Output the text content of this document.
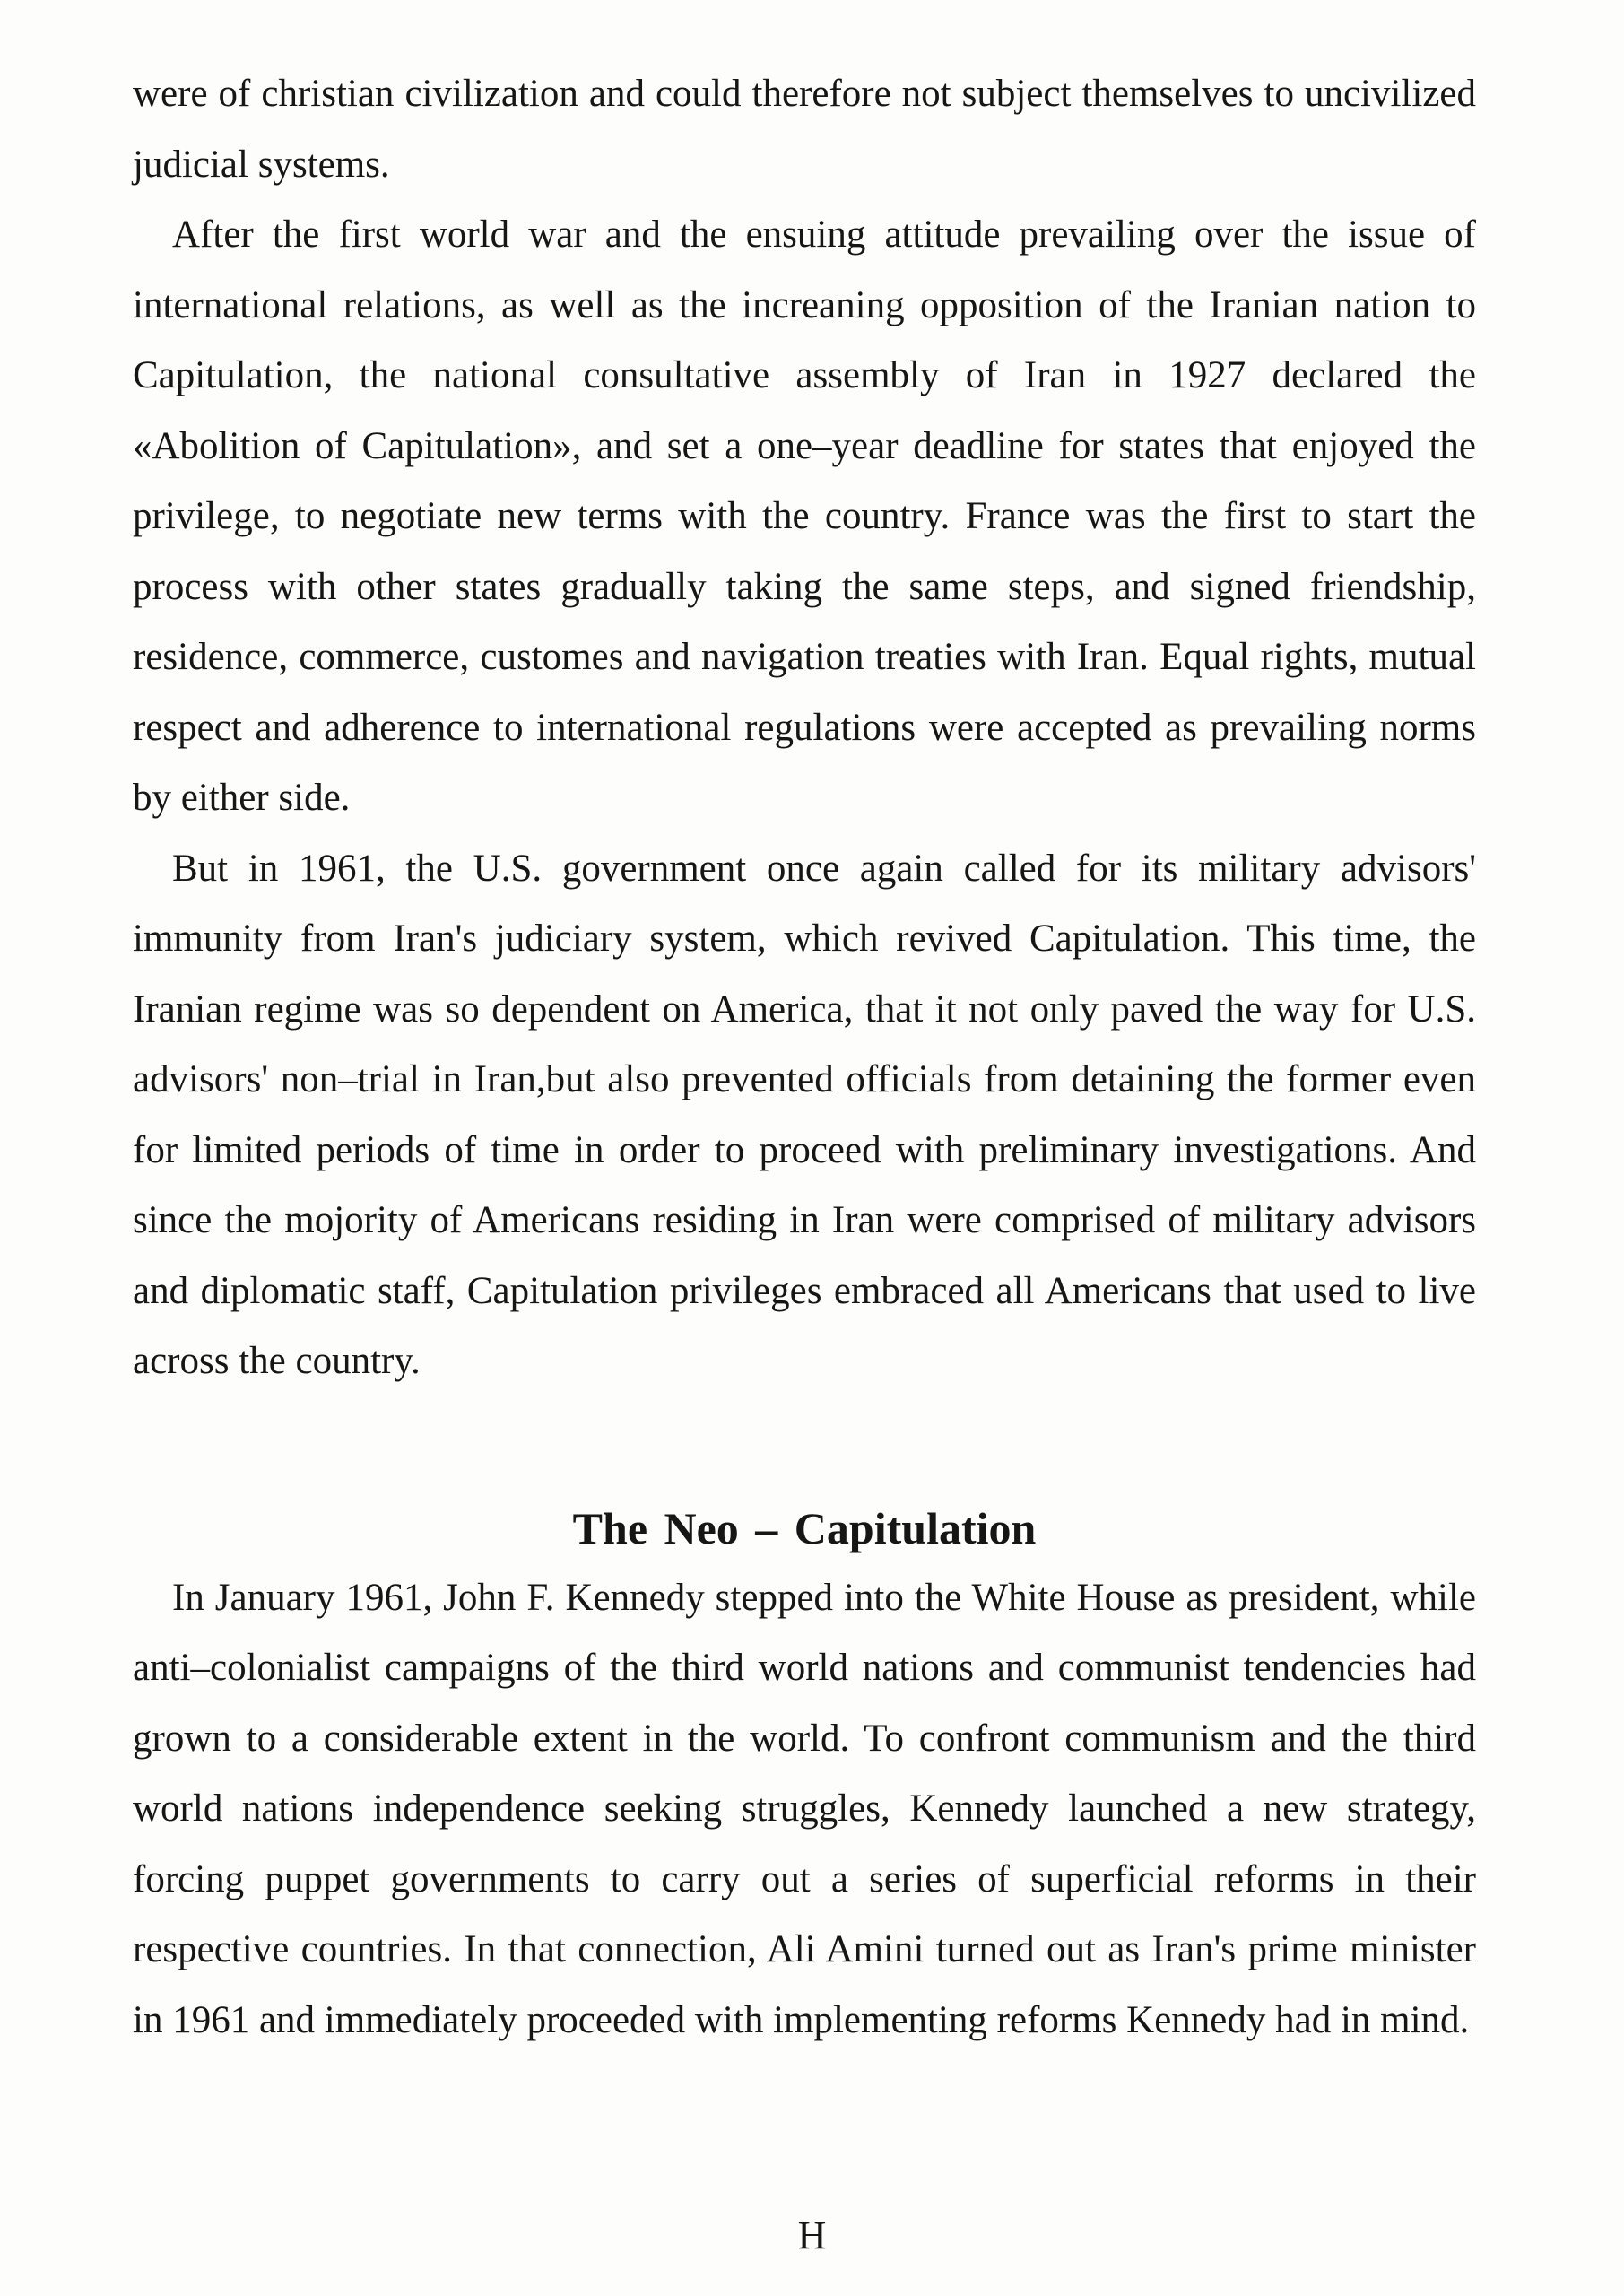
were of christian civilization and could therefore not subject themselves to uncivilized judicial systems.

After the first world war and the ensuing attitude prevailing over the issue of international relations, as well as the increaning opposition of the Iranian nation to Capitulation, the national consultative assembly of Iran in 1927 declared the «Abolition of Capitulation», and set a one–year deadline for states that enjoyed the privilege, to negotiate new terms with the country. France was the first to start the process with other states gradually taking the same steps, and signed friendship, residence, commerce, customes and navigation treaties with Iran. Equal rights, mutual respect and adherence to international regulations were accepted as prevailing norms by either side.

But in 1961, the U.S. government once again called for its military advisors' immunity from Iran's judiciary system, which revived Capitulation. This time, the Iranian regime was so dependent on America, that it not only paved the way for U.S. advisors' non–trial in Iran,but also prevented officials from detaining the former even for limited periods of time in order to proceed with preliminary investigations. And since the mojority of Americans residing in Iran were comprised of military advisors and diplomatic staff, Capitulation privileges embraced all Americans that used to live across the country.

The Neo – Capitulation

In January 1961, John F. Kennedy stepped into the White House as president, while anti–colonialist campaigns of the third world nations and communist tendencies had grown to a considerable extent in the world. To confront communism and the third world nations independence seeking struggles, Kennedy launched a new strategy, forcing puppet governments to carry out a series of superficial reforms in their respective countries. In that connection, Ali Amini turned out as Iran's prime minister in 1961 and immediately proceeded with implementing reforms Kennedy had in mind.

H
